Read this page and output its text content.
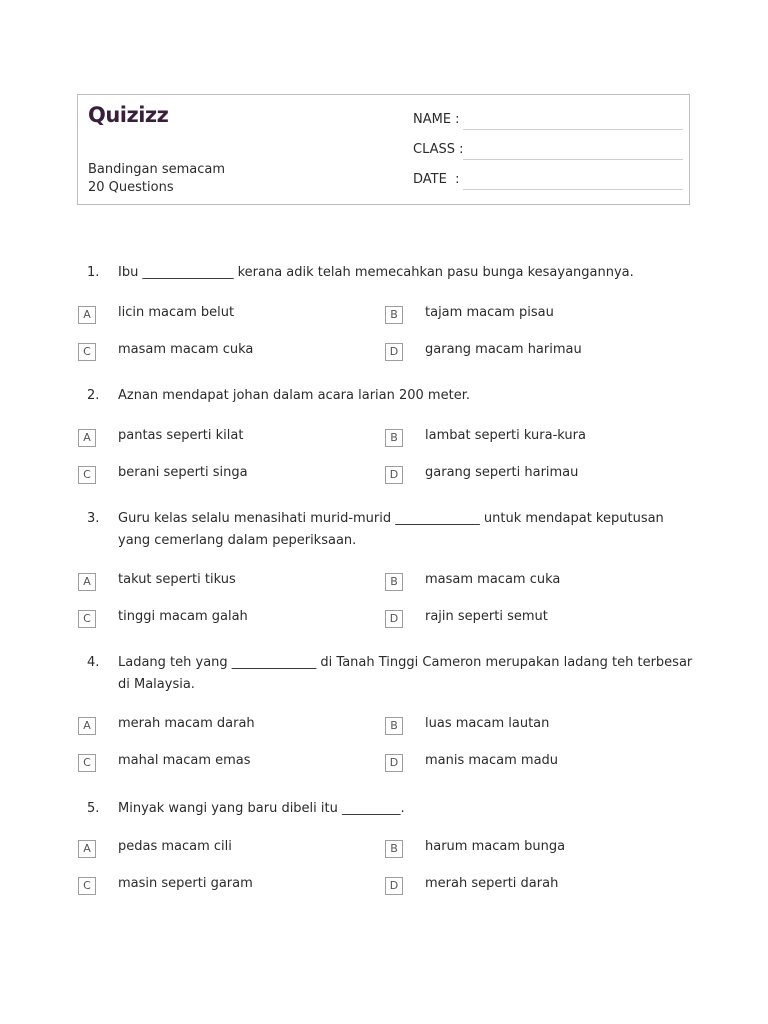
Quizizz
Bandingan semacam
20 Questions
NAME :
CLASS :
DATE  :
1. Ibu ______________ kerana adik telah memecahkan pasu bunga kesayangannya.
A	licin macam belut	B	tajam macam pisau
C	masam macam cuka	D	garang macam harimau
2. Aznan mendapat johan dalam acara larian 200 meter.
A	pantas seperti kilat	B	lambat seperti kura-kura
C	berani seperti singa	D	garang seperti harimau
3. Guru kelas selalu menasihati murid-murid _____________ untuk mendapat keputusan yang cemerlang dalam peperiksaan.
A	takut seperti tikus	B	masam macam cuka
C	tinggi macam galah	D	rajin seperti semut
4. Ladang teh yang _____________ di Tanah Tinggi Cameron merupakan ladang teh terbesar di Malaysia.
A	merah macam darah	B	luas macam lautan
C	mahal macam emas	D	manis macam madu
5. Minyak wangi yang baru dibeli itu _________.
A	pedas macam cili	B	harum macam bunga
C	masin seperti garam	D	merah seperti darah
